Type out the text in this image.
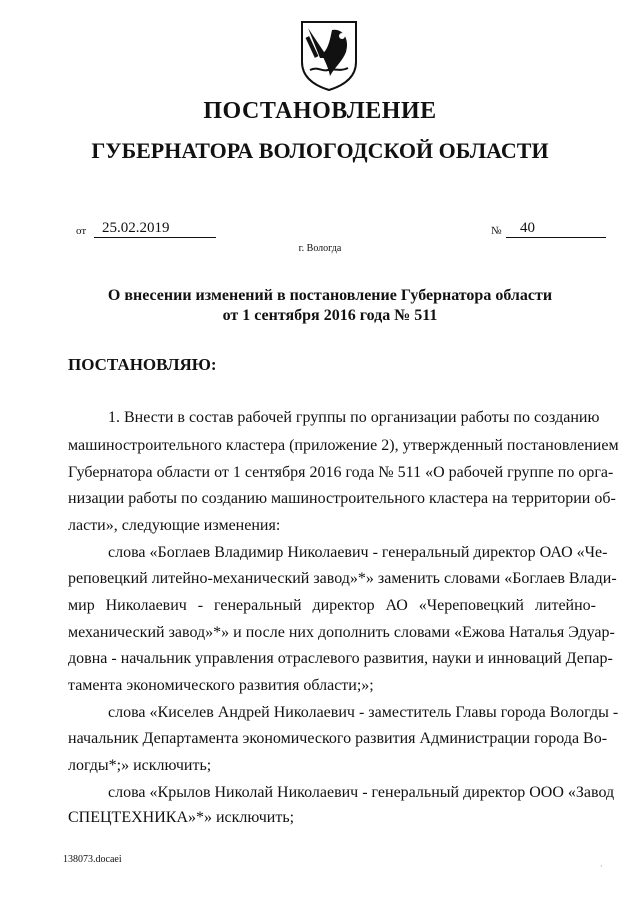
ПОСТАНОВЛЕНИЕ
ГУБЕРНАТОРА ВОЛОГОДСКОЙ ОБЛАСТИ
от	25.02.2019	№	40
г. Вологда
О внесении изменений в постановление Губернатора области
от 1 сентября 2016 года № 511
ПОСТАНОВЛЯЮ:
1. Внести в состав рабочей группы по организации работы по созданию
машиностроительного кластера (приложение 2), утвержденный постановлением
Губернатора области от 1 сентября 2016 года № 511 «О рабочей группе по орга-
низации работы по созданию машиностроительного кластера на территории об-
ласти», следующие изменения:
слова «Боглаев Владимир Николаевич - генеральный директор ОАО «Че-
реповецкий литейно-механический завод»*» заменить словами «Боглаев Влади-
мир Николаевич - генеральный директор АО «Череповецкий литейно-
механический завод»*» и после них дополнить словами «Ежова Наталья Эдуар-
довна - начальник управления отраслевого развития, науки и инноваций Депар-
тамента экономического развития области;»;
слова «Киселев Андрей Николаевич - заместитель Главы города Вологды -
начальник Департамента экономического развития Администрации города Во-
логды*;» исключить;
слова «Крылов Николай Николаевич - генеральный директор ООО «Завод
СПЕЦТЕХНИКА»*» исключить;
138073.docaei
·
